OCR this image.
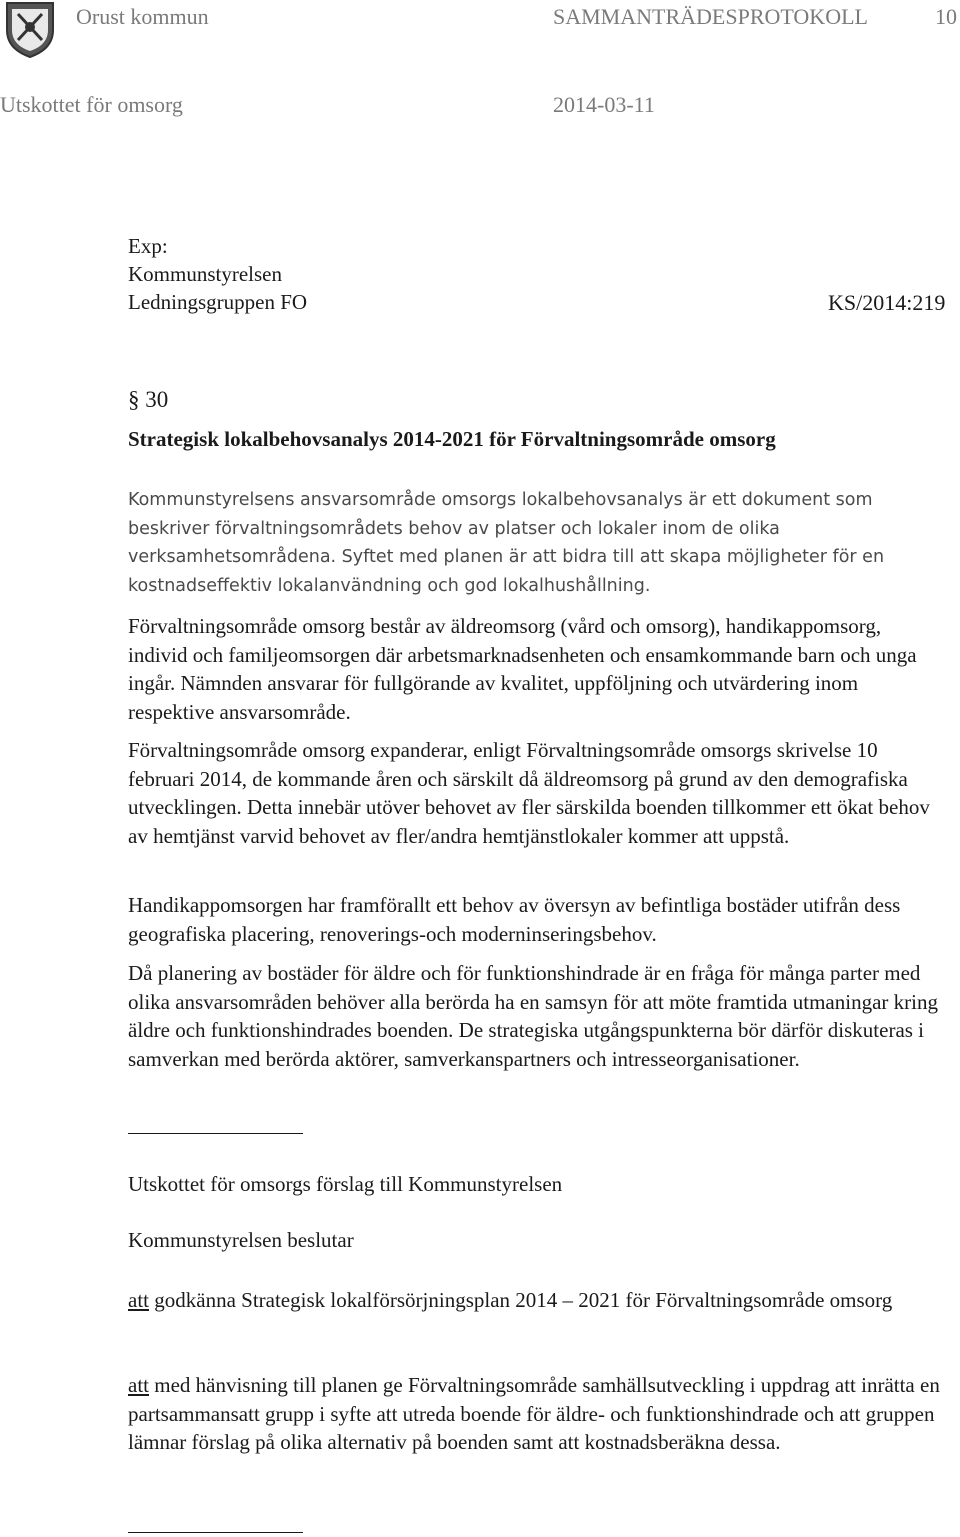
Orust kommun	SAMMANTRÄDESPROTOKOLL	10
Utskottet för omsorg	2014-03-11
Exp:
Kommunstyrelsen
Ledningsgruppen FO	KS/2014:219
§ 30
Strategisk lokalbehovsanalys 2014-2021 för Förvaltningsområde omsorg
Kommunstyrelsens ansvarsområde omsorgs lokalbehovsanalys är ett dokument som
beskriver förvaltningsområdets behov av platser och lokaler inom de olika
verksamhetsområdena. Syftet med planen är att bidra till att skapa möjligheter för en
kostnadseffektiv lokalanvändning och god lokalhushållning.

Förvaltningsområde omsorg består av äldreomsorg (vård och omsorg), handikappomsorg, individ och familjeomsorgen där arbetsmarknadsenheten och ensamkommande barn och unga ingår. Nämnden ansvarar för fullgörande av kvalitet, uppföljning och utvärdering inom respektive ansvarsområde.

Förvaltningsområde omsorg expanderar, enligt Förvaltningsområde omsorgs skrivelse 10 februari 2014, de kommande åren och särskilt då äldreomsorg på grund av den demografiska utvecklingen. Detta innebär utöver behovet av fler särskilda boenden tillkommer ett ökat behov av hemtjänst varvid behovet av fler/andra hemtjänstlokaler kommer att uppstå.

Handikappomsorgen har framförallt ett behov av översyn av befintliga bostäder utifrån dess geografiska placering, renoverings-och moderninseringsbehov.

Då planering av bostäder för äldre och för funktionshindrade är en fråga för många parter med olika ansvarsområden behöver alla berörda ha en samsyn för att möte framtida utmaningar kring äldre och funktionshindrades boenden. De strategiska utgångspunkterna bör därför diskuteras i samverkan med berörda aktörer, samverkanspartners och intresseorganisationer.

Utskottet för omsorgs förslag till Kommunstyrelsen
Kommunstyrelsen beslutar

att godkänna Strategisk lokalförsörjningsplan 2014 – 2021 för Förvaltningsområde omsorg

att med hänvisning till planen ge Förvaltningsområde samhällsutveckling i uppdrag att inrätta en partsammansatt grupp i syfte att utreda boende för äldre- och funktionshindrade och att gruppen lämnar förslag på olika alternativ på boenden samt att kostnadsberäkna dessa.
